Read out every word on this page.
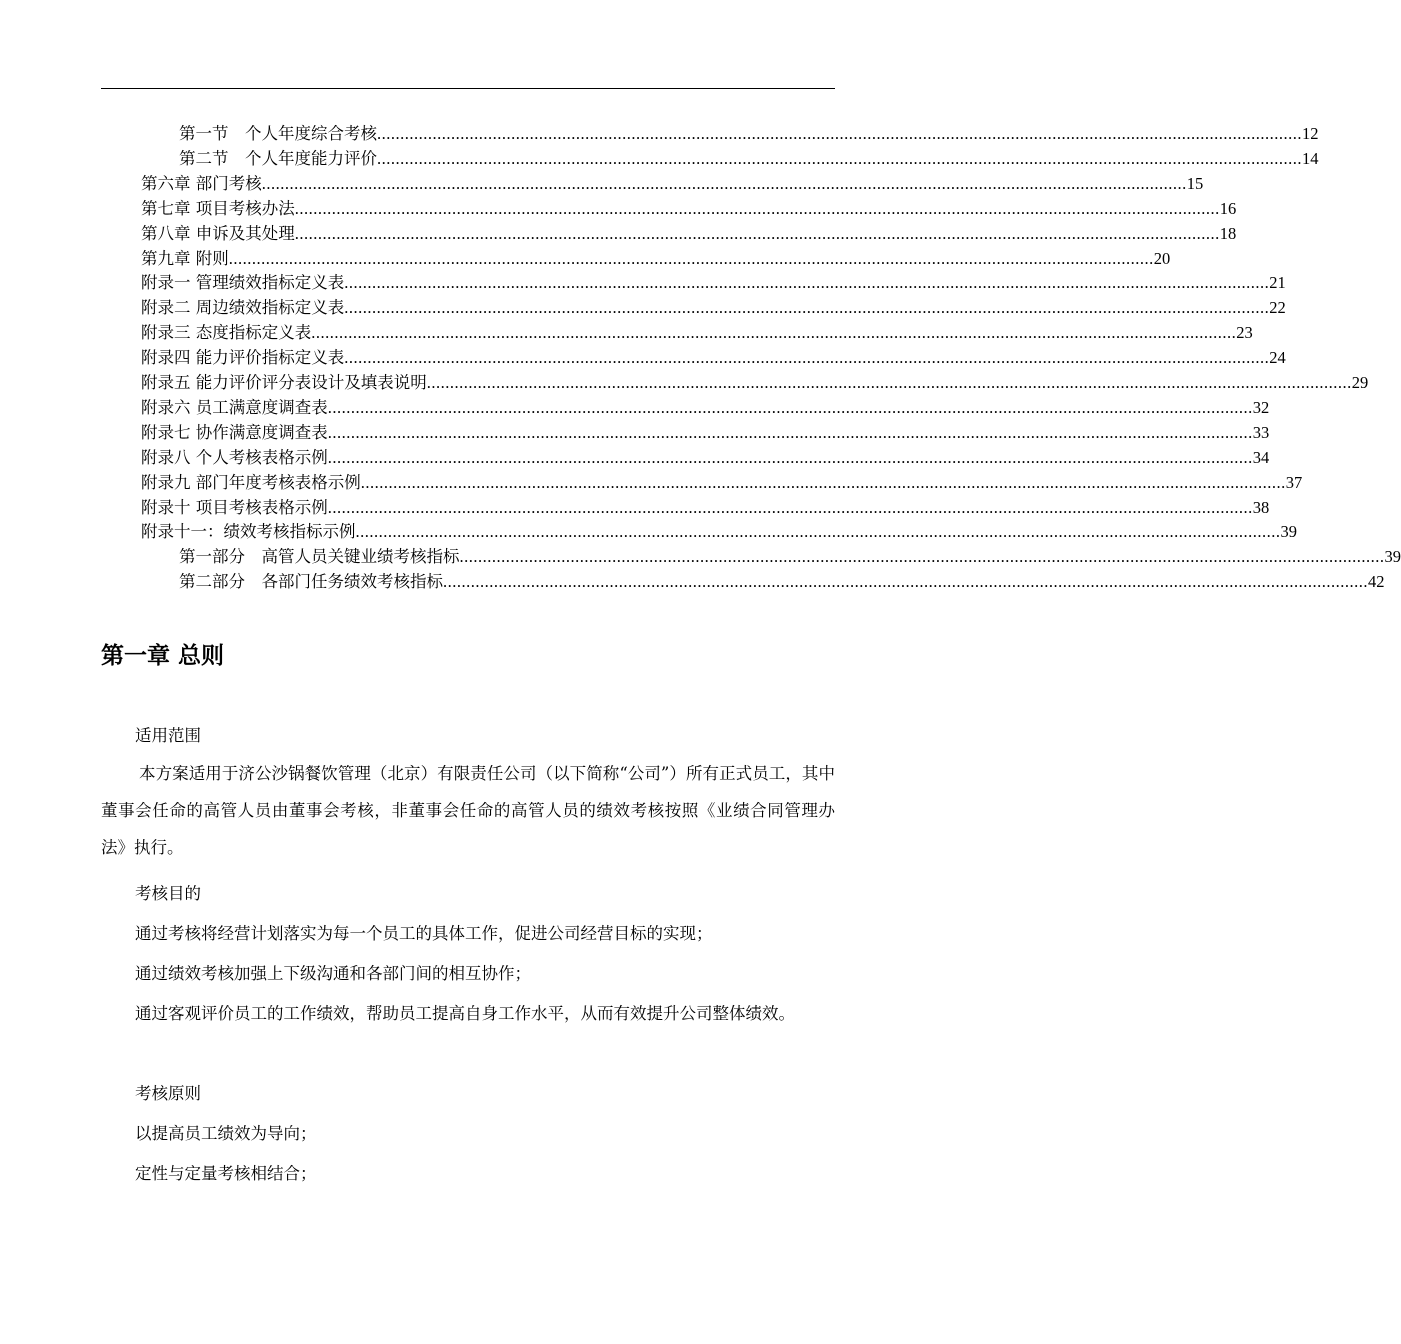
第一节　个人年度综合考核 ........................................................................................................................................................................................................ 12
第二节　个人年度能力评价 ........................................................................................................................................................................................................ 14
第六章 部门考核 ........................................................................................................................................................................................................ 15
第七章 项目考核办法 ........................................................................................................................................................................................................ 16
第八章 申诉及其处理 ........................................................................................................................................................................................................ 18
第九章 附则 ........................................................................................................................................................................................................ 20
附录一 管理绩效指标定义表 ........................................................................................................................................................................................................ 21
附录二 周边绩效指标定义表 ........................................................................................................................................................................................................ 22
附录三 态度指标定义表 ........................................................................................................................................................................................................ 23
附录四 能力评价指标定义表 ........................................................................................................................................................................................................ 24
附录五 能力评价评分表设计及填表说明 ........................................................................................................................................................................................................ 29
附录六 员工满意度调查表 ........................................................................................................................................................................................................ 32
附录七 协作满意度调查表 ........................................................................................................................................................................................................ 33
附录八 个人考核表格示例 ........................................................................................................................................................................................................ 34
附录九 部门年度考核表格示例 ........................................................................................................................................................................................................ 37
附录十 项目考核表格示例 ........................................................................................................................................................................................................ 38
附录十一：绩效考核指标示例 ........................................................................................................................................................................................................ 39
第一部分　高管人员关键业绩考核指标 ........................................................................................................................................................................................................ 39
第二部分　各部门任务绩效考核指标 ........................................................................................................................................................................................................ 42
第一章 总则

适用范围

本方案适用于济公沙锅餐饮管理（北京）有限责任公司（以下简称“公司”）所有正式员工，其中董事会任命的高管人员由董事会考核，非董事会任命的高管人员的绩效考核按照《业绩合同管理办法》执行。

考核目的

通过考核将经营计划落实为每一个员工的具体工作，促进公司经营目标的实现；

通过绩效考核加强上下级沟通和各部门间的相互协作；

通过客观评价员工的工作绩效，帮助员工提高自身工作水平，从而有效提升公司整体绩效。

考核原则

以提高员工绩效为导向；

定性与定量考核相结合；
